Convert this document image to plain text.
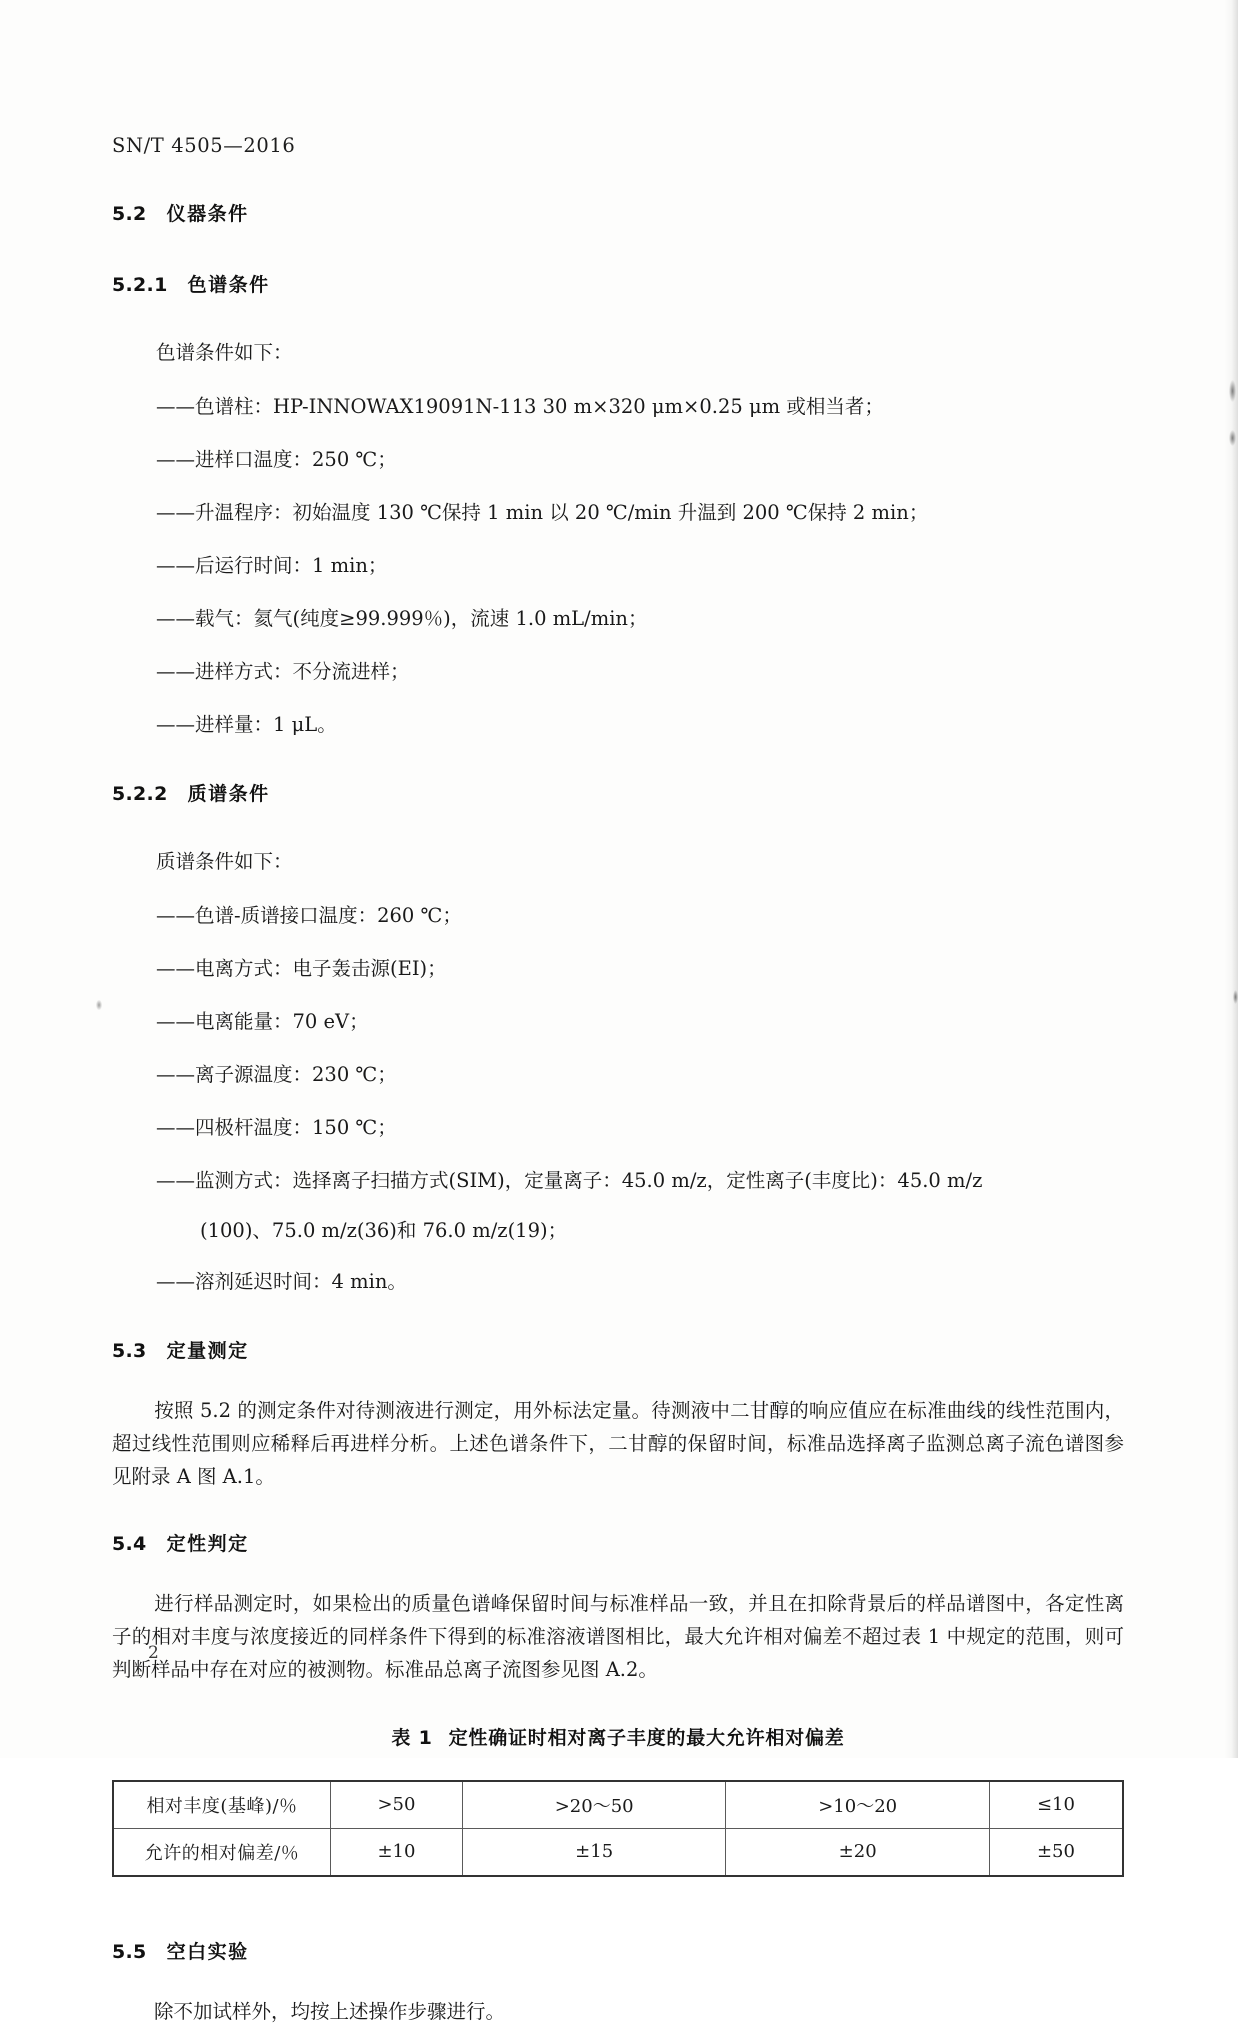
SN/T 4505—2016
5.2 仪器条件
5.2.1 色谱条件

色谱条件如下：

——色谱柱：HP-INNOWAX19091N-113 30 m×320 μm×0.25 μm 或相当者；

——进样口温度：250 ℃；

——升温程序：初始温度 130 ℃保持 1 min 以 20 ℃/min 升温到 200 ℃保持 2 min；

——后运行时间：1 min；

——载气：氦气(纯度≥99.999％)，流速 1.0 mL/min；

——进样方式：不分流进样；

——进样量：1 μL。

5.2.2 质谱条件

质谱条件如下：

——色谱-质谱接口温度：260 ℃；

——电离方式：电子轰击源(EI)；

——电离能量：70 eV；

——离子源温度：230 ℃；

——四极杆温度：150 ℃；

——监测方式：选择离子扫描方式(SIM)，定量离子：45.0 m/z，定性离子(丰度比)：45.0 m/z

(100)、75.0 m/z(36)和 76.0 m/z(19)；

——溶剂延迟时间：4 min。

5.3 定量测定

按照 5.2 的测定条件对待测液进行测定，用外标法定量。待测液中二甘醇的响应值应在标准曲线的线性范围内，超过线性范围则应稀释后再进样分析。上述色谱条件下，二甘醇的保留时间，标准品选择离子监测总离子流色谱图参见附录 A 图 A.1。

5.4 定性判定

进行样品测定时，如果检出的质量色谱峰保留时间与标准样品一致，并且在扣除背景后的样品谱图中，各定性离子的相对丰度与浓度接近的同样条件下得到的标准溶液谱图相比，最大允许相对偏差不超过表 1 中规定的范围，则可判断样品中存在对应的被测物。标准品总离子流图参见图 A.2。

表 1 定性确证时相对离子丰度的最大允许相对偏差
相对丰度(基峰)/％	>50	>20～50	>10～20	≤10
允许的相对偏差/％	±10	±15	±20	±50
5.5 空白实验

除不加试样外，均按上述操作步骤进行。

2
